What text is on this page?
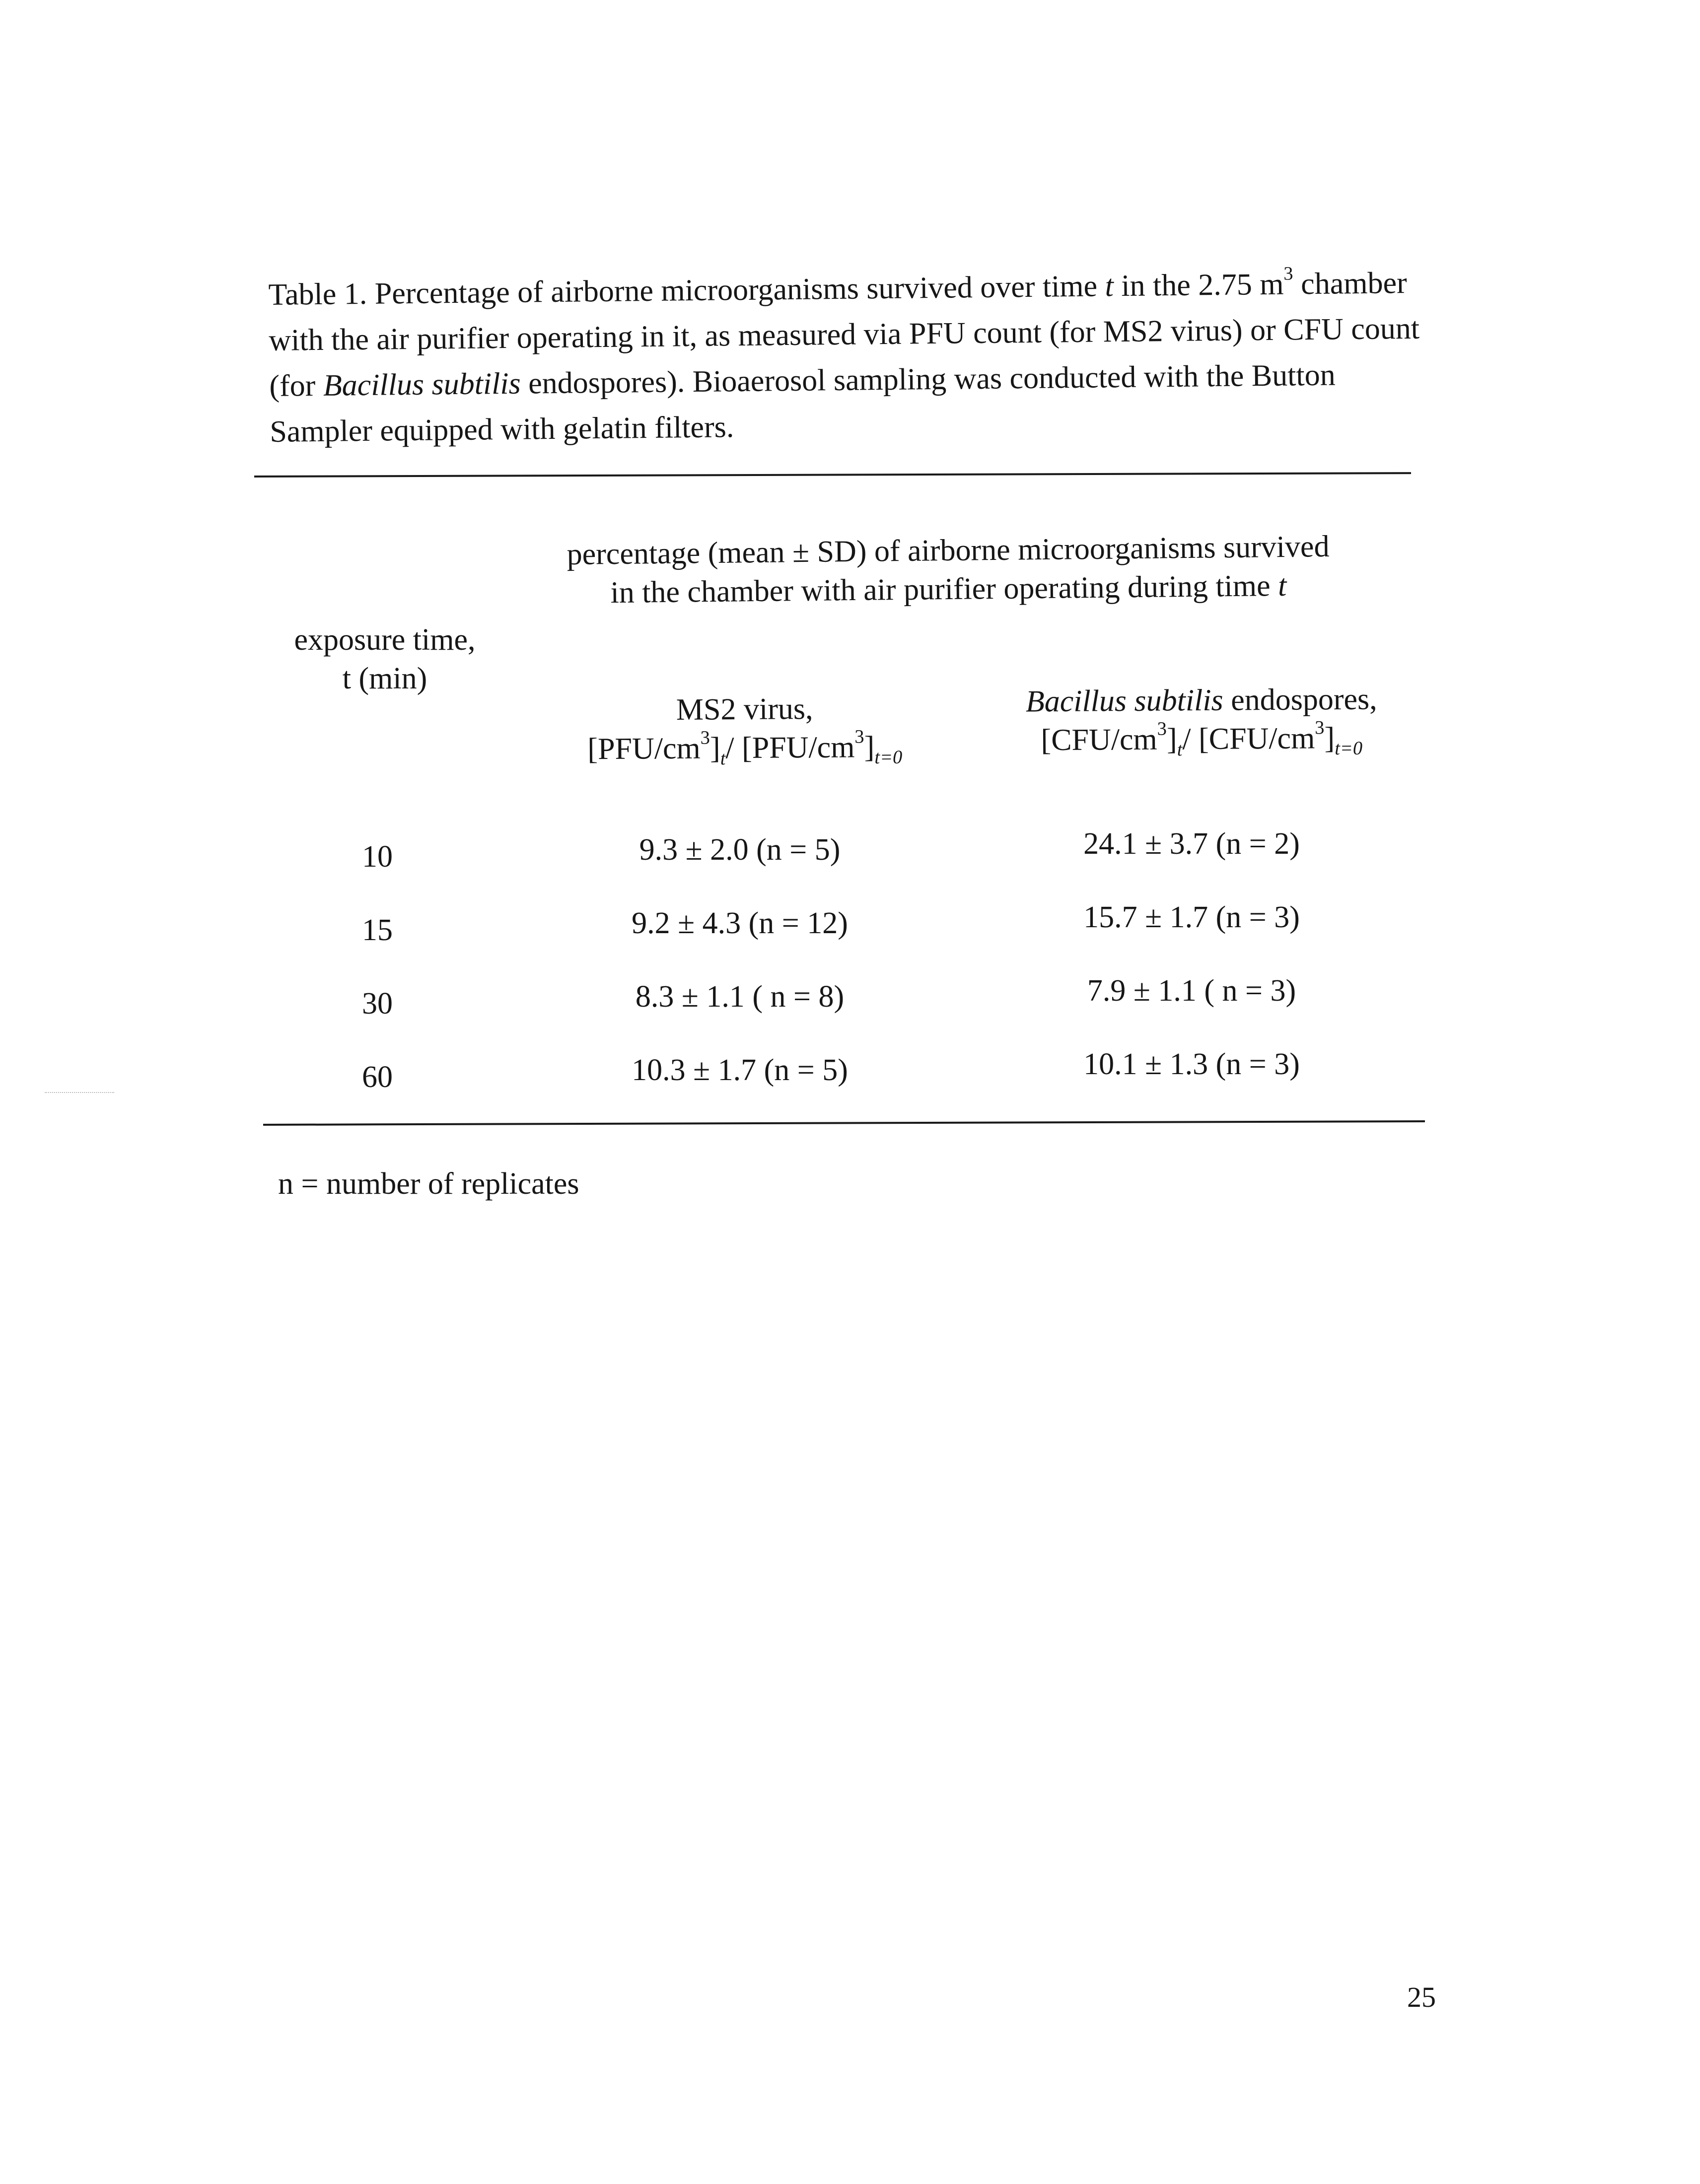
Table 1. Percentage of airborne microorganisms survived over time t in the 2.75 $m^3$ chamber with the air purifier operating in it, as measured via PFU count (for MS2 virus) or CFU count (for Bacillus subtilis endospores). Bioaerosol sampling was conducted with the Button Sampler equipped with gelatin filters.
percentage (mean ± SD) of airborne microorganisms survived
in the chamber with air purifier operating during time t
exposure time,
t (min)
MS2 virus,
$[PFU/cm^3]_t/$ $[PFU/cm^3]_{t=0}$
Bacillus subtilis endospores,
$[CFU/cm^3]_t/$ $[CFU/cm^3]_{t=0}$
10	9.3 ± 2.0 (n = 5)	24.1 ± 3.7 (n = 2)
15	9.2 ± 4.3 (n = 12)	15.7 ± 1.7 (n = 3)
30	8.3 ± 1.1 ( n = 8)	7.9 ± 1.1 ( n = 3)
60	10.3 ± 1.7 (n = 5)	10.1 ± 1.3 (n = 3)
n = number of replicates
25
